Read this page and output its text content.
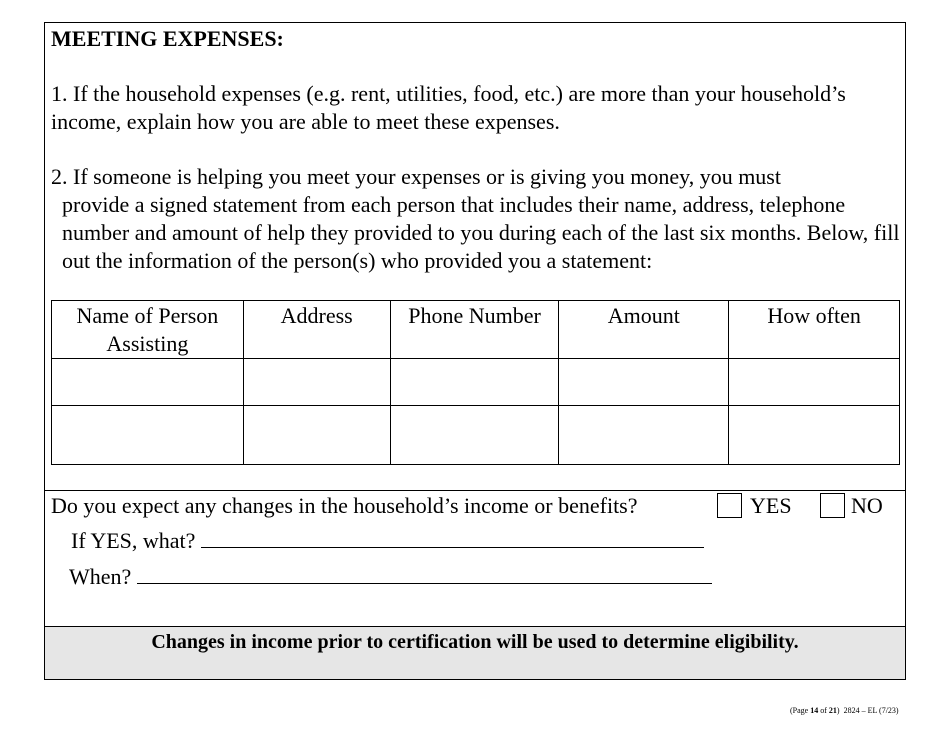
MEETING EXPENSES:
1. If the household expenses (e.g. rent, utilities, food, etc.) are more than your household’s income, explain how you are able to meet these expenses.
2. If someone is helping you meet your expenses or is giving you money, you must
provide a signed statement from each person that includes their name, address, telephone number and amount of help they provided to you during each of the last six months. Below, fill out the information of the person(s) who provided you a statement:
Name of Person Assisting	Address	Phone Number	Amount	How often

Do you expect any changes in the household’s income or benefits?	YES	NO
If YES, what?
When?
Changes in income prior to certification will be used to determine eligibility.
(Page 14 of 21) 2824 – EL (7/23)
